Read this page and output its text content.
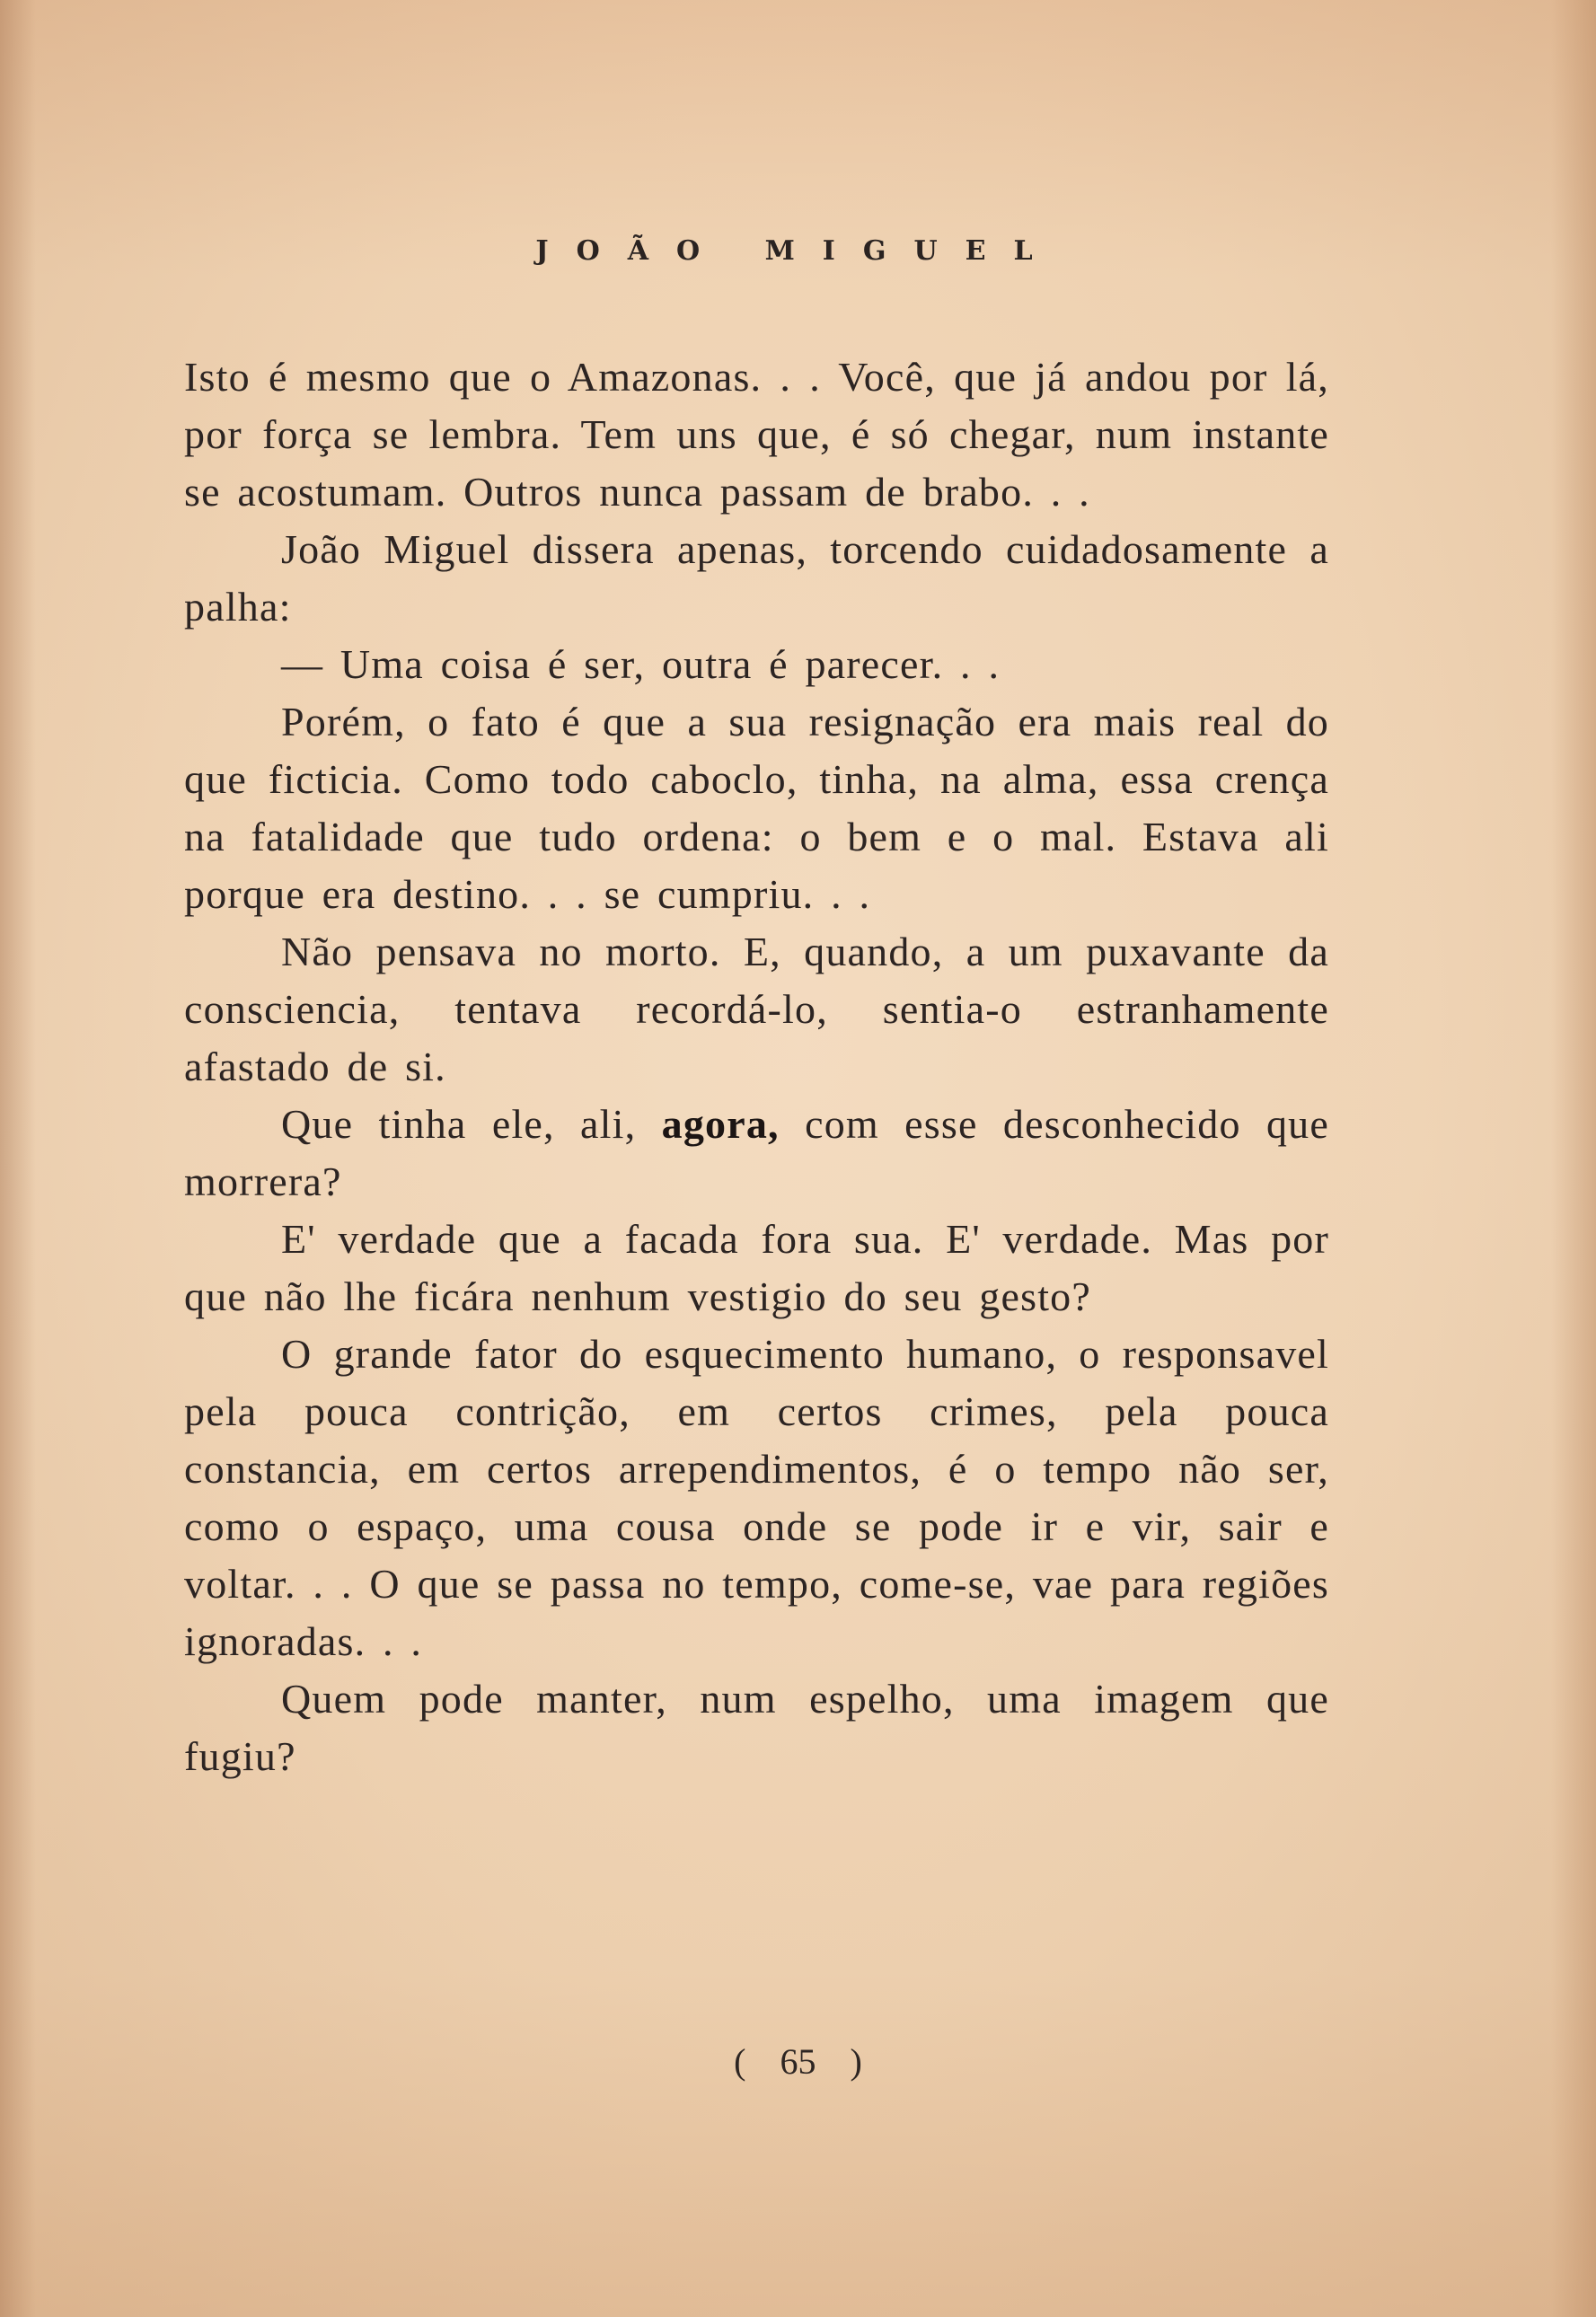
JOÃO MIGUEL

Isto é mesmo que o Amazonas. . . Você, que já andou por lá, por força se lembra. Tem uns que, é só chegar, num instante se acostumam. Outros nunca passam de brabo. . .

João Miguel dissera apenas, torcendo cuidadosamente a palha:

— Uma coisa é ser, outra é parecer. . .

Porém, o fato é que a sua resignação era mais real do que ficticia. Como todo caboclo, tinha, na alma, essa crença na fatalidade que tudo ordena: o bem e o mal. Estava ali porque era destino. . . se cumpriu. . .

Não pensava no morto. E, quando, a um puxavante da consciencia, tentava recordá-lo, sentia-o estranhamente afastado de si.

Que tinha ele, ali, agora, com esse desconhecido que morrera?

E' verdade que a facada fora sua. E' verdade. Mas por que não lhe ficára nenhum vestigio do seu gesto?

O grande fator do esquecimento humano, o responsavel pela pouca contrição, em certos crimes, pela pouca constancia, em certos arrependimentos, é o tempo não ser, como o espaço, uma cousa onde se pode ir e vir, sair e voltar. . . O que se passa no tempo, come-se, vae para regiões ignoradas. . .

Quem pode manter, num espelho, uma imagem que fugiu?

( 65 )
